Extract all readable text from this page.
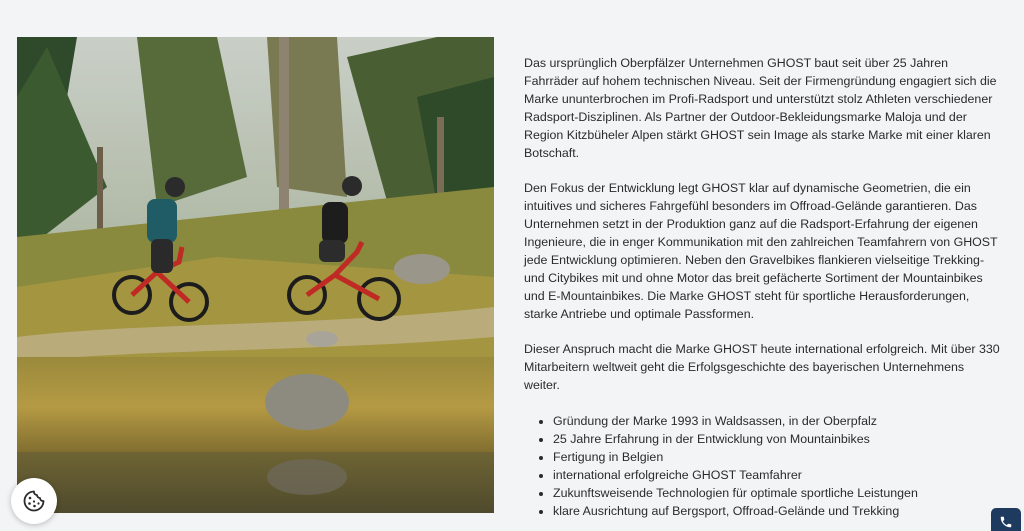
Das ursprünglich Oberpfälzer Unternehmen GHOST baut seit über 25 Jahren Fahrräder auf hohem technischen Niveau. Seit der Firmengründung engagiert sich die Marke ununterbrochen im Profi-Radsport und unterstützt stolz Athleten verschiedener Radsport-Disziplinen. Als Partner der Outdoor-Bekleidungsmarke Maloja und der Region Kitzbüheler Alpen stärkt GHOST sein Image als starke Marke mit einer klaren Botschaft.

Den Fokus der Entwicklung legt GHOST klar auf dynamische Geometrien, die ein intuitives und sicheres Fahrgefühl besonders im Offroad-Gelände garantieren. Das Unternehmen setzt in der Produktion ganz auf die Radsport-Erfahrung der eigenen Ingenieure, die in enger Kommunikation mit den zahlreichen Teamfahrern von GHOST jede Entwicklung optimieren. Neben den Gravelbikes flankieren vielseitige Trekking- und Citybikes mit und ohne Motor das breit gefächerte Sortiment der Mountainbikes und E-Mountainbikes. Die Marke GHOST steht für sportliche Herausforderungen, starke Antriebe und optimale Passformen.

Dieser Anspruch macht die Marke GHOST heute international erfolgreich. Mit über 330 Mitarbeitern weltweit geht die Erfolgsgeschichte des bayerischen Unternehmens weiter.

• Gründung der Marke 1993 in Waldsassen, in der Oberpfalz
• 25 Jahre Erfahrung in der Entwicklung von Mountainbikes
• Fertigung in Belgien
• international erfolgreiche GHOST Teamfahrer
• Zukunftsweisende Technologien für optimale sportliche Leistungen
• klare Ausrichtung auf Bergsport, Offroad-Gelände und Trekking
